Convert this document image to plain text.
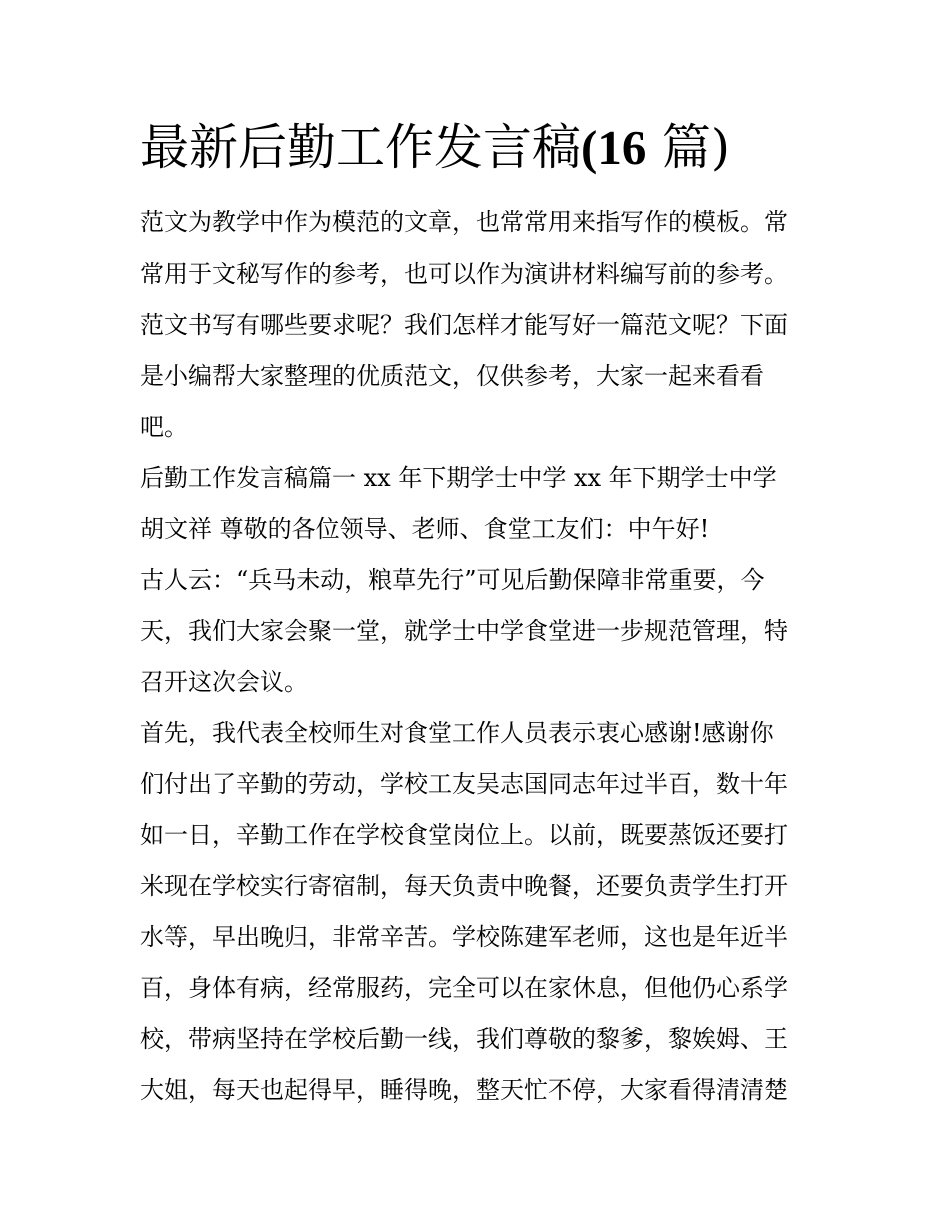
最新后勤工作发言稿(16 篇)

范文为教学中作为模范的文章，也常常用来指写作的模板。常

常用于文秘写作的参考，也可以作为演讲材料编写前的参考。

范文书写有哪些要求呢？我们怎样才能写好一篇范文呢？下面

是小编帮大家整理的优质范文，仅供参考，大家一起来看看

吧。

后勤工作发言稿篇一 xx 年下期学士中学 xx 年下期学士中学

胡文祥 尊敬的各位领导、老师、食堂工友们：中午好!

古人云：“兵马未动，粮草先行”可见后勤保障非常重要，今

天，我们大家会聚一堂，就学士中学食堂进一步规范管理，特

召开这次会议。

首先，我代表全校师生对食堂工作人员表示衷心感谢!感谢你

们付出了辛勤的劳动，学校工友吴志国同志年过半百，数十年

如一日，辛勤工作在学校食堂岗位上。以前，既要蒸饭还要打

米现在学校实行寄宿制，每天负责中晚餐，还要负责学生打开

水等，早出晚归，非常辛苦。学校陈建军老师，这也是年近半

百，身体有病，经常服药，完全可以在家休息，但他仍心系学

校，带病坚持在学校后勤一线，我们尊敬的黎爹，黎娭姆、王

大姐，每天也起得早，睡得晚，整天忙不停，大家看得清清楚
